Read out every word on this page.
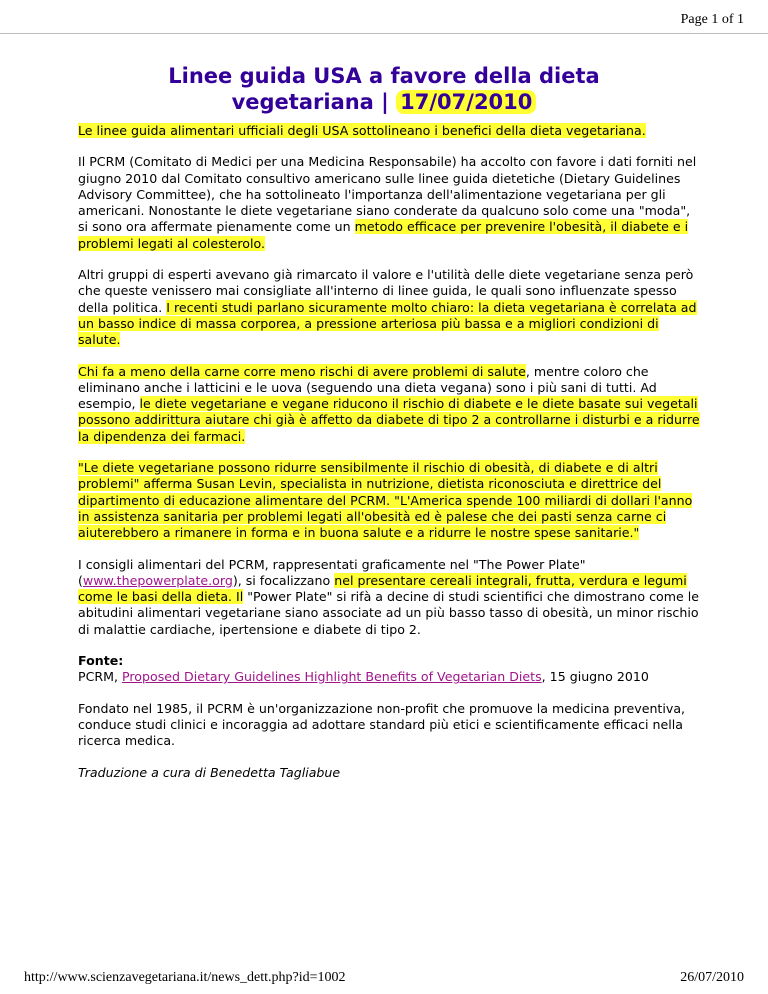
Page 1 of 1
Linee guida USA a favore della dieta
vegetariana | 17/07/2010

Le linee guida alimentari ufficiali degli USA sottolineano i benefici della dieta vegetariana.

Il PCRM (Comitato di Medici per una Medicina Responsabile) ha accolto con favore i dati forniti nel giugno 2010 dal Comitato consultivo americano sulle linee guida dietetiche (Dietary Guidelines Advisory Committee), che ha sottolineato l'importanza dell'alimentazione vegetariana per gli americani. Nonostante le diete vegetariane siano conderate da qualcuno solo come una "moda", si sono ora affermate pienamente come un metodo efficace per prevenire l'obesità, il diabete e i problemi legati al colesterolo.

Altri gruppi di esperti avevano già rimarcato il valore e l'utilità delle diete vegetariane senza però che queste venissero mai consigliate all'interno di linee guida, le quali sono influenzate spesso della politica. I recenti studi parlano sicuramente molto chiaro: la dieta vegetariana è correlata ad un basso indice di massa corporea, a pressione arteriosa più bassa e a migliori condizioni di salute.

Chi fa a meno della carne corre meno rischi di avere problemi di salute, mentre coloro che eliminano anche i latticini e le uova (seguendo una dieta vegana) sono i più sani di tutti. Ad esempio, le diete vegetariane e vegane riducono il rischio di diabete e le diete basate sui vegetali possono addirittura aiutare chi già è affetto da diabete di tipo 2 a controllarne i disturbi e a ridurre la dipendenza dei farmaci.

"Le diete vegetariane possono ridurre sensibilmente il rischio di obesità, di diabete e di altri problemi" afferma Susan Levin, specialista in nutrizione, dietista riconosciuta e direttrice del dipartimento di educazione alimentare del PCRM. "L'America spende 100 miliardi di dollari l'anno in assistenza sanitaria per problemi legati all'obesità ed è palese che dei pasti senza carne ci aiuterebbero a rimanere in forma e in buona salute e a ridurre le nostre spese sanitarie."

I consigli alimentari del PCRM, rappresentati graficamente nel "The Power Plate" (www.thepowerplate.org), si focalizzano nel presentare cereali integrali, frutta, verdura e legumi come le basi della dieta. Il "Power Plate" si rifà a decine di studi scientifici che dimostrano come le abitudini alimentari vegetariane siano associate ad un più basso tasso di obesità, un minor rischio di malattie cardiache, ipertensione e diabete di tipo 2.

Fonte:
PCRM, Proposed Dietary Guidelines Highlight Benefits of Vegetarian Diets, 15 giugno 2010

Fondato nel 1985, il PCRM è un'organizzazione non-profit che promuove la medicina preventiva, conduce studi clinici e incoraggia ad adottare standard più etici e scientificamente efficaci nella ricerca medica.

Traduzione a cura di Benedetta Tagliabue

http://www.scienzavegetariana.it/news_dett.php?id=1002	26/07/2010
